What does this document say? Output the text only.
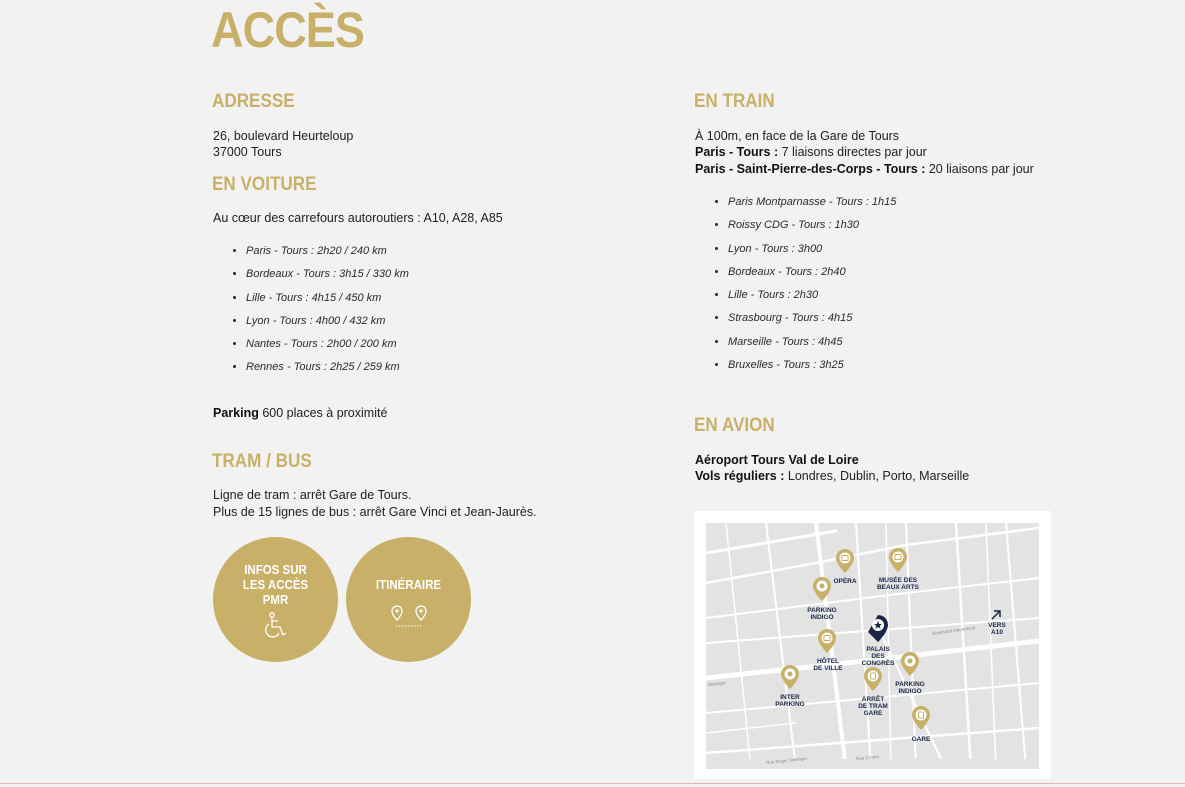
ACCÈS
ADRESSE
26, boulevard Heurteloup
37000 Tours
EN VOITURE
Au cœur des carrefours autoroutiers : A10, A28, A85
• Paris - Tours : 2h20 / 240 km
• Bordeaux - Tours : 3h15 / 330 km
• Lille - Tours : 4h15 / 450 km
• Lyon - Tours : 4h00 / 432 km
• Nantes - Tours : 2h00 / 200 km
• Rennes - Tours : 2h25 / 259 km
Parking 600 places à proximité
TRAM / BUS
Ligne de tram : arrêt Gare de Tours.
Plus de 15 lignes de bus : arrêt Gare Vinci et Jean-Jaurès.
INFOS SUR
LES ACCÈS
PMR
ITINÉRAIRE
EN TRAIN
À 100m, en face de la Gare de Tours
Paris - Tours : 7 liaisons directes par jour
Paris - Saint-Pierre-des-Corps - Tours : 20 liaisons par jour
• Paris Montparnasse - Tours : 1h15
• Roissy CDG - Tours : 1h30
• Lyon - Tours : 3h00
• Bordeaux - Tours : 2h40
• Lille - Tours : 2h30
• Strasbourg - Tours : 4h15
• Marseille - Tours : 4h45
• Bruxelles - Tours : 3h25
EN AVION
Aéroport Tours Val de Loire
Vols réguliers : Londres, Dublin, Porto, Marseille
Boulevard Heurteloup
Beranger
Rue Roger Salengro	Rue Charoi
OPÉRA	MUSÉE DES
BEAUX ARTS
PARKING
INDIGO
VERS
A10
PALAIS
DES
CONGRÈS
HÔTEL
DE VILLE
PARKING
INDIGO
INTER
PARKING
ARRÊT
DE TRAM
GARE
GARE
